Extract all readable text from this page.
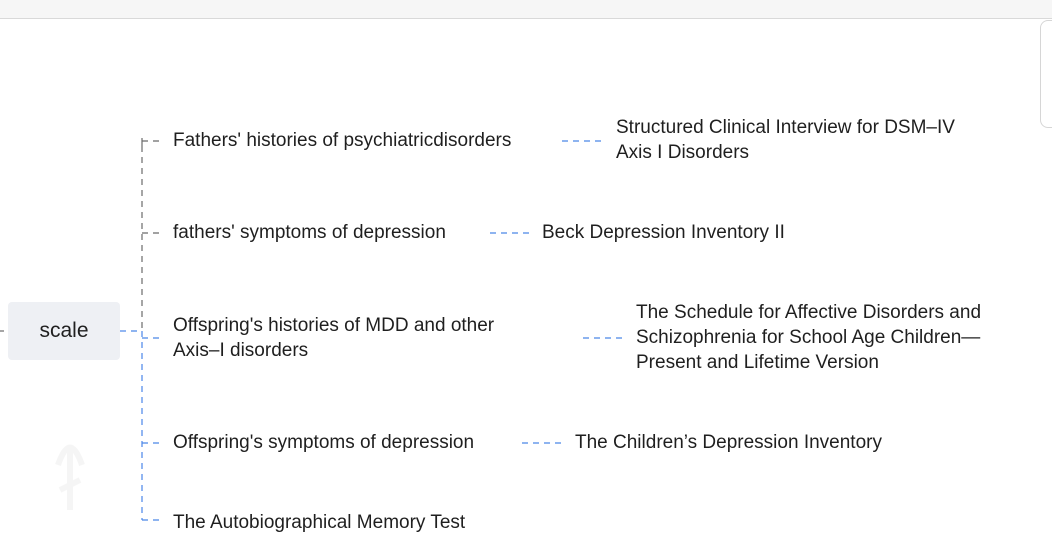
scale
Fathers' histories of psychiatricdisorders
Structured Clinical Interview for DSM–IV
Axis I Disorders
fathers' symptoms of depression	Beck Depression Inventory II
Offspring's histories of MDD and other
Axis–I disorders
The Schedule for Affective Disorders and
Schizophrenia for School Age Children—
Present and Lifetime Version
Offspring's symptoms of depression	The Children’s Depression Inventory
The Autobiographical Memory Test
